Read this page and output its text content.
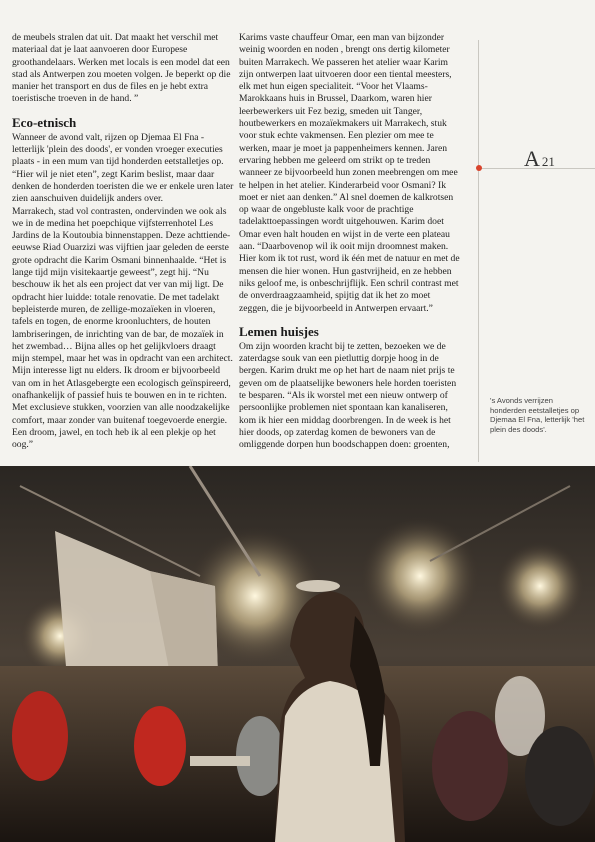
de meubels stralen dat uit. Dat maakt het verschil met materiaal dat je laat aanvoeren door Europese groothandelaars. Werken met locals is een model dat een stad als Antwerpen zou moeten volgen. Je beperkt op die manier het transport en dus de files en je hebt extra toeristische troeven in de hand. ”

Eco-etnisch

Wanneer de avond valt, rijzen op Djemaa El Fna - letterlijk 'plein des doods', er vonden vroeger executies plaats - in een mum van tijd honderden eetstalletjes op. “Hier wil je niet eten”, zegt Karim beslist, maar daar denken de honderden toeristen die we er enkele uren later zien aanschuiven duidelijk anders over.

Marrakech, stad vol contrasten, ondervinden we ook als we in de medina het poepchique vijfsterrenhotel Les Jardins de la Koutoubia binnenstappen. Deze achttiende-eeuwse Riad Ouarzizi was vijftien jaar geleden de eerste grote opdracht die Karim Osmani binnenhaalde. “Het is lange tijd mijn visitekaartje geweest”, zegt hij. “Nu beschouw ik het als een project dat ver van mij ligt. De opdracht hier luidde: totale renovatie. De met tadelakt bepleisterde muren, de zellige-mozaïeken in vloeren, tafels en togen, de enorme kroonluchters, de houten lambriseringen, de inrichting van de bar, de mozaïek in het zwembad… Bijna alles op het gelijkvloers draagt mijn stempel, maar het was in opdracht van een architect. Mijn interesse ligt nu elders. Ik droom er bijvoorbeeld van om in het Atlasgebergte een ecologisch geïnspireerd, onafhankelijk of passief huis te bouwen en in te richten. Met exclusieve stukken, voorzien van alle noodzakelijke comfort, maar zonder van buitenaf toegevoerde energie. Een droom, jawel, en toch heb ik al een plekje op het oog.”

Karims vaste chauffeur Omar, een man van bijzonder weinig woorden en noden , brengt ons dertig kilometer buiten Marrakech. We passeren het atelier waar Karim zijn ontwerpen laat uitvoeren door een tiental meesters, elk met hun eigen specialiteit. “Voor het Vlaams-Marokkaans huis in Brussel, Daarkom, waren hier leerbewerkers uit Fez bezig, smeden uit Tanger, houtbewerkers en mozaïekmakers uit Marrakech, stuk voor stuk echte vakmensen. Een plezier om mee te werken, maar je moet ja pappenheimers kennen. Jaren ervaring hebben me geleerd om strikt op te treden wanneer ze bijvoorbeeld hun zonen meebrengen om mee te helpen in het atelier. Kinderarbeid voor Osmani? Ik moet er niet aan denken.” Al snel doemen de kalkrotsen op waar de ongebluste kalk voor de prachtige tadelakttoepassingen wordt uitgehouwen. Karim doet Omar even halt houden en wijst in de verte een plateau aan. “Daarbovenop wil ik ooit mijn droomnest maken. Hier kom ik tot rust, word ik één met de natuur en met de mensen die hier wonen. Hun gastvrijheid, en ze hebben niks geloof me, is onbeschrijflijk. Een schril contrast met de onverdraagzaamheid, spijtig dat ik het zo moet zeggen, die je bijvoorbeeld in Antwerpen ervaart.”

Lemen huisjes

Om zijn woorden kracht bij te zetten, bezoeken we de zaterdagse souk van een pietluttig dorpje hoog in de bergen. Karim drukt me op het hart de naam niet prijs te geven om de plaatselijke bewoners hele horden toeristen te besparen. “Als ik worstel met een nieuw ontwerp of persoonlijke problemen niet spontaan kan kanaliseren, kom ik hier een middag doorbrengen. In de week is het hier doods, op zaterdag komen de bewoners van de omliggende dorpen hun boodschappen doen: groenten,

A 21
's Avonds verrijzen honderden eetstalletjes op Djemaa El Fna, letterlijk 'het plein des doods'.
